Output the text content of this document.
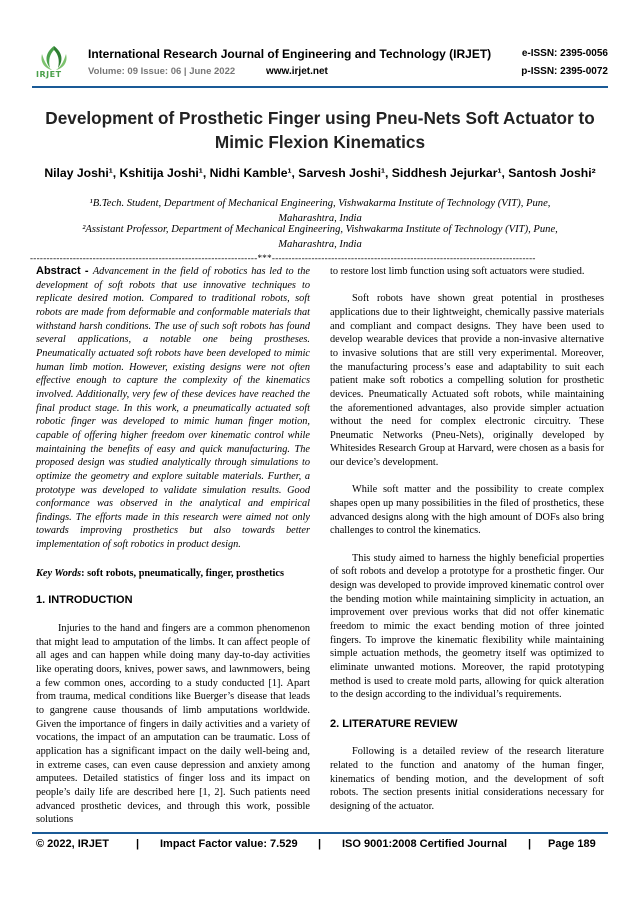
IRJET
International Research Journal of Engineering and Technology (IRJET)	e-ISSN: 2395-0056
Volume: 09 Issue: 06 | June 2022	www.irjet.net	p-ISSN: 2395-0072
Development of Prosthetic Finger using Pneu-Nets Soft Actuator to
Mimic Flexion Kinematics
Nilay Joshi¹, Kshitija Joshi¹, Nidhi Kamble¹, Sarvesh Joshi¹, Siddhesh Jejurkar¹, Santosh Joshi²
¹B.Tech. Student, Department of Mechanical Engineering, Vishwakarma Institute of Technology (VIT), Pune,
Maharashtra, India
²Assistant Professor, Department of Mechanical Engineering, Vishwakarma Institute of Technology (VIT), Pune,
Maharashtra, India
---------------------------------------------------------------------***--------------------------------------------------------------------------------

Abstract - Advancement in the field of robotics has led to the development of soft robots that use innovative techniques to replicate desired motion. Compared to traditional robots, soft robots are made from deformable and conformable materials that withstand harsh conditions. The use of such soft robots has found several applications, a notable one being prostheses. Pneumatically actuated soft robots have been developed to mimic human limb motion. However, existing designs were not often effective enough to capture the complexity of the kinematics involved. Additionally, very few of these devices have reached the final product stage. In this work, a pneumatically actuated soft robotic finger was developed to mimic human finger motion, capable of offering higher freedom over kinematic control while maintaining the benefits of easy and quick manufacturing. The proposed design was studied analytically through simulations to optimize the geometry and explore suitable materials. Further, a prototype was developed to validate simulation results. Good conformance was observed in the analytical and empirical findings. The efforts made in this research were aimed not only towards improving prosthetics but also towards better implementation of soft robotics in product design.

Key Words: soft robots, pneumatically, finger, prosthetics

1. INTRODUCTION

Injuries to the hand and fingers are a common phenomenon that might lead to amputation of the limbs. It can affect people of all ages and can happen while doing many day-to-day activities like operating doors, knives, power saws, and lawnmowers, being a few common ones, according to a study conducted [1]. Apart from trauma, medical conditions like Buerger’s disease that leads to gangrene cause thousands of limb amputations worldwide. Given the importance of fingers in daily activities and a variety of vocations, the impact of an amputation can be traumatic. Loss of application has a significant impact on the daily well-being and, in extreme cases, can even cause depression and anxiety among amputees. Detailed statistics of finger loss and its impact on people’s daily life are described here [1, 2]. Such patients need advanced prosthetic devices, and through this work, possible solutions

to restore lost limb function using soft actuators were studied.

Soft robots have shown great potential in prostheses applications due to their lightweight, chemically passive materials and compliant and compact designs. They have been used to develop wearable devices that provide a non-invasive alternative to invasive solutions that are still very experimental. Moreover, the manufacturing process’s ease and adaptability to suit each patient make soft robotics a compelling solution for prosthetic devices. Pneumatically Actuated soft robots, while maintaining the aforementioned advantages, also provide simpler actuation without the need for complex electronic circuitry. These Pneumatic Networks (Pneu-Nets), originally developed by Whitesides Research Group at Harvard, were chosen as a basis for our device’s development.

While soft matter and the possibility to create complex shapes open up many possibilities in the filed of prosthetics, these advanced designs along with the high amount of DOFs also bring challenges to control the kinematics.

This study aimed to harness the highly beneficial properties of soft robots and develop a prototype for a prosthetic finger. Our design was developed to provide improved kinematic control over the bending motion while maintaining simplicity in actuation, an improvement over previous works that did not offer kinematic freedom to mimic the exact bending motion of three jointed fingers. To improve the kinematic flexibility while maintaining simple actuation methods, the geometry itself was optimized to eliminate unwanted motions. Moreover, the rapid prototyping method is used to create mold parts, allowing for quick alteration to the design according to the individual’s requirements.

2. LITERATURE REVIEW

Following is a detailed review of the research literature related to the function and anatomy of the human finger, kinematics of bending motion, and the development of soft robots. The section presents initial considerations necessary for designing of the actuator.

© 2022, IRJET | Impact Factor value: 7.529 | ISO 9001:2008 Certified Journal | Page 189
